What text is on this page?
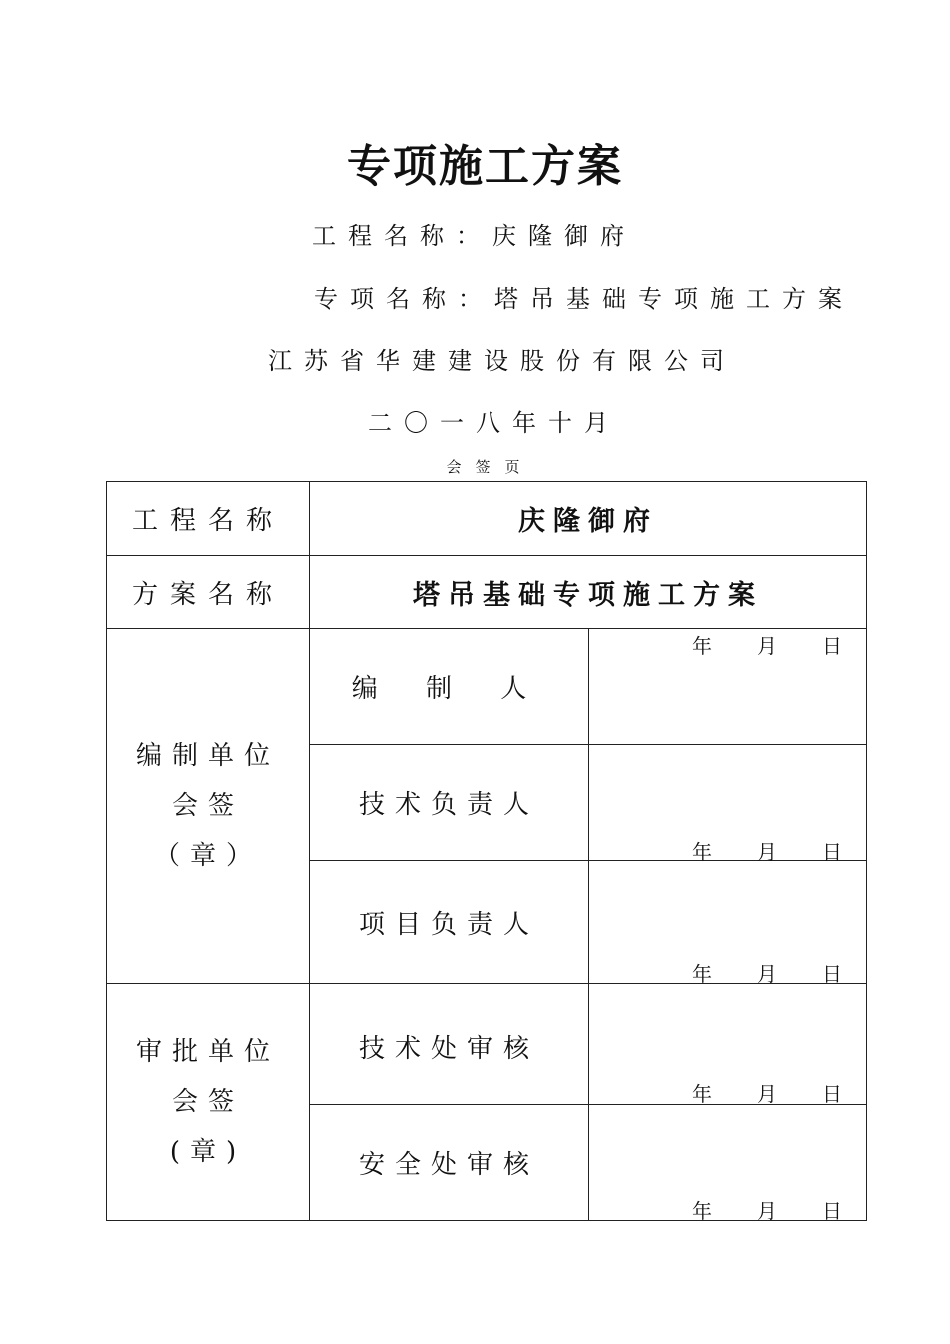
专项施工方案
工程名称：庆隆御府
专项名称：塔吊基础专项施工方案
江苏省华建建设股份有限公司
二〇一八年十月
会签页
工程名称	庆隆御府
方案名称	塔吊基础专项施工方案
编制单位
会签
（章）
审批单位
会签
(章)
编 制 人
技术负责人
项目负责人
技术处审核
安全处审核
年 月 日
年 月 日
年 月 日
年 月 日
年 月 日
